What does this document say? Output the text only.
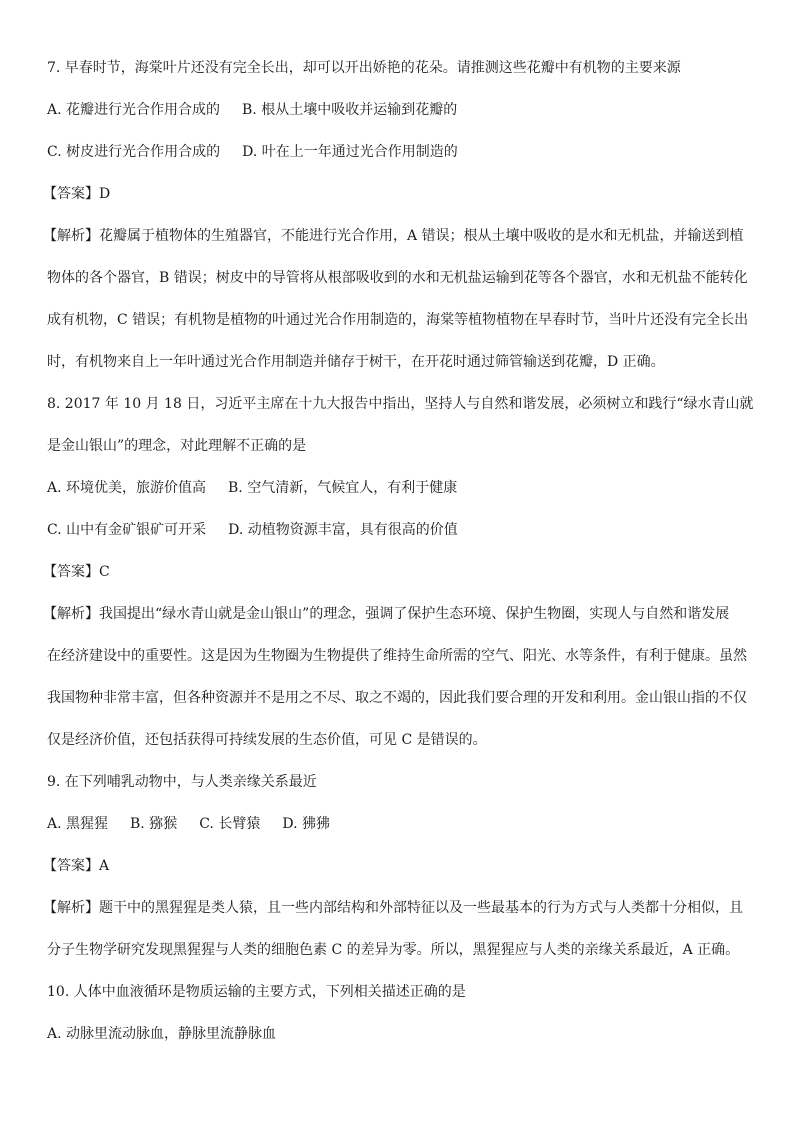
7. 早春时节，海棠叶片还没有完全长出，却可以开出娇艳的花朵。请推测这些花瓣中有机物的主要来源

A. 花瓣进行光合作用合成的 B. 根从土壤中吸收并运输到花瓣的
C. 树皮进行光合作用合成的 D. 叶在上一年通过光合作用制造的

【答案】D

【解析】花瓣属于植物体的生殖器官，不能进行光合作用，A 错误；根从土壤中吸收的是水和无机盐，并输送到植

物体的各个器官，B 错误；树皮中的导管将从根部吸收到的水和无机盐运输到花等各个器官，水和无机盐不能转化

成有机物，C 错误；有机物是植物的叶通过光合作用制造的，海棠等植物植物在早春时节，当叶片还没有完全长出

时，有机物来自上一年叶通过光合作用制造并储存于树干，在开花时通过筛管输送到花瓣，D 正确。

8. 2017 年 10 月 18 日，习近平主席在十九大报告中指出，坚持人与自然和谐发展，必须树立和践行“绿水青山就

是金山银山”的理念，对此理解不正确的是

A. 环境优美，旅游价值高 B. 空气清新，气候宜人，有利于健康
C. 山中有金矿银矿可开采 D. 动植物资源丰富，具有很高的价值

【答案】C

【解析】我国提出“绿水青山就是金山银山”的理念，强调了保护生态环境、保护生物圈，实现人与自然和谐发展

在经济建设中的重要性。这是因为生物圈为生物提供了维持生命所需的空气、阳光、水等条件，有利于健康。虽然

我国物种非常丰富，但各种资源并不是用之不尽、取之不竭的，因此我们要合理的开发和利用。金山银山指的不仅

仅是经济价值，还包括获得可持续发展的生态价值，可见 C 是错误的。

9. 在下列哺乳动物中，与人类亲缘关系最近

A. 黑猩猩 B. 猕猴 C. 长臂猿 D. 狒狒

【答案】A

【解析】题干中的黑猩猩是类人猿，且一些内部结构和外部特征以及一些最基本的行为方式与人类都十分相似，且

分子生物学研究发现黑猩猩与人类的细胞色素 C 的差异为零。所以，黑猩猩应与人类的亲缘关系最近，A 正确。

10. 人体中血液循环是物质运输的主要方式，下列相关描述正确的是

A. 动脉里流动脉血，静脉里流静脉血
